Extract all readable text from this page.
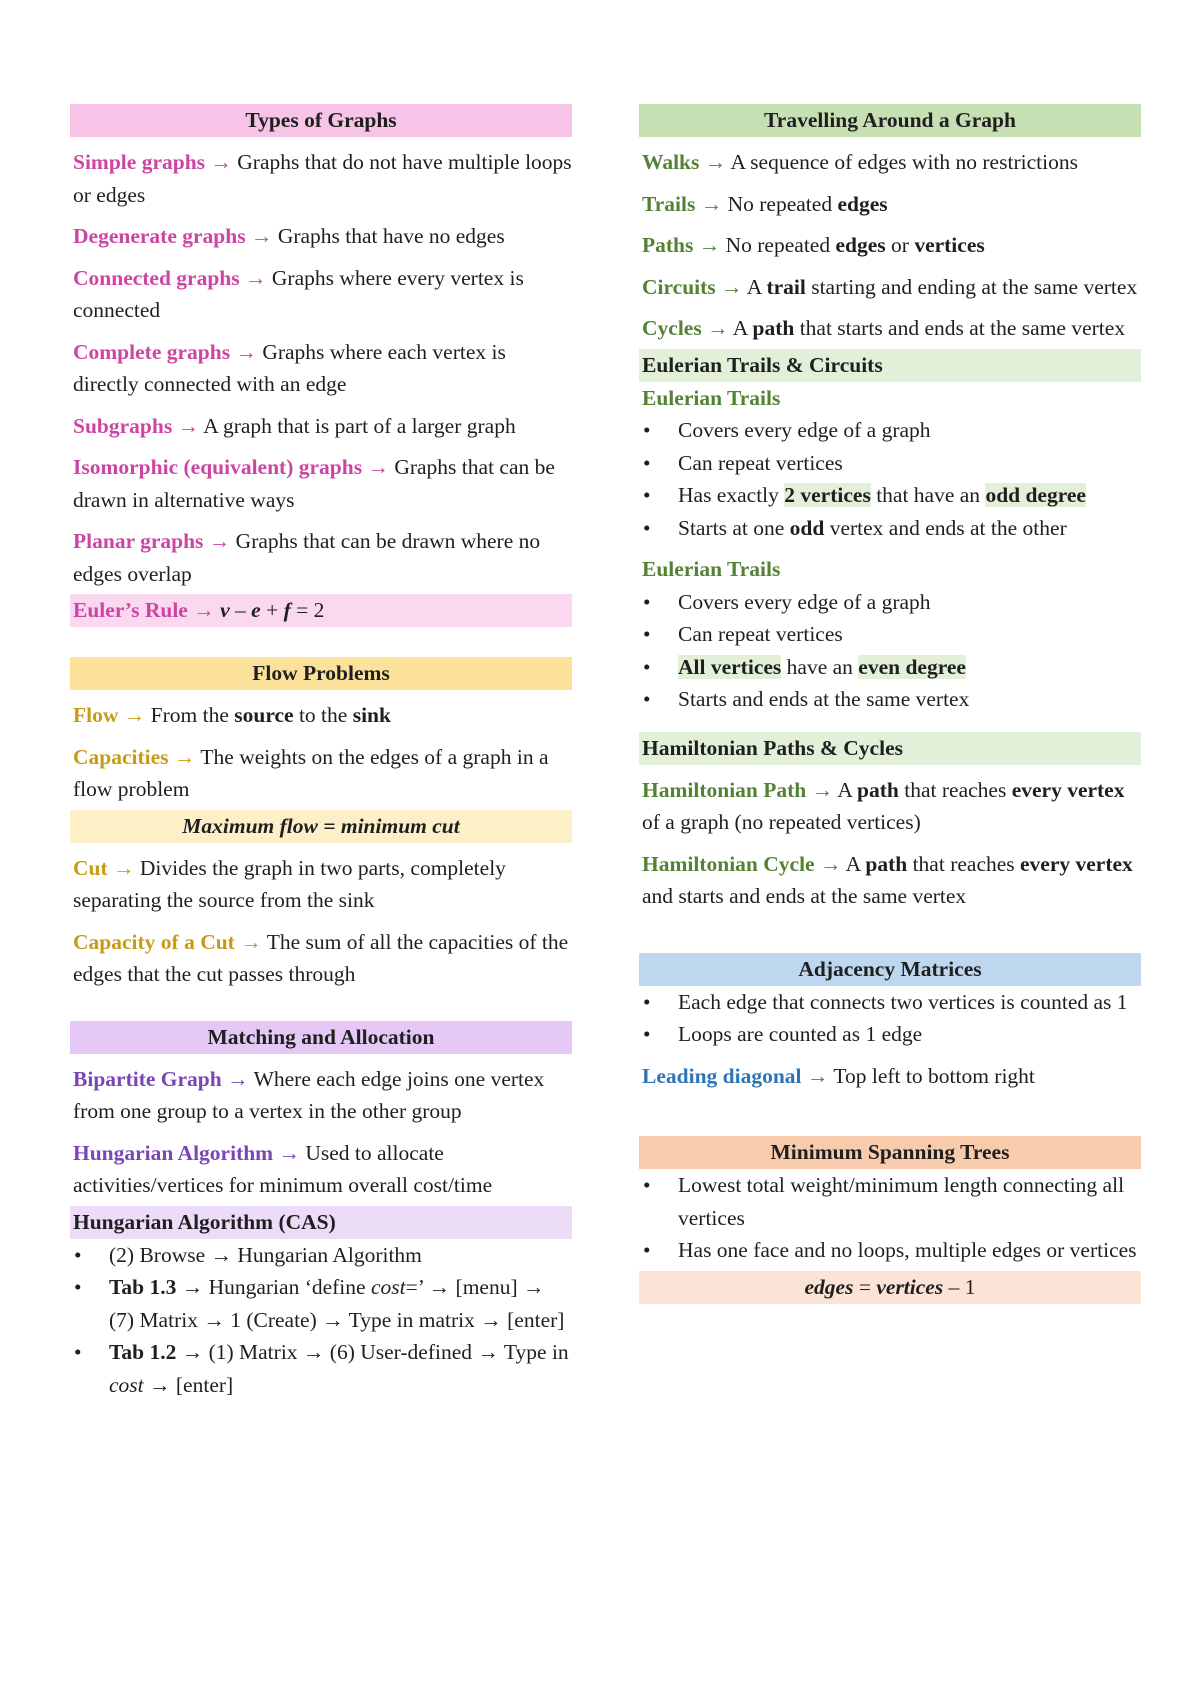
Types of Graphs
Simple graphs → Graphs that do not have multiple loops or edges
Degenerate graphs → Graphs that have no edges
Connected graphs → Graphs where every vertex is connected
Complete graphs → Graphs where each vertex is directly connected with an edge
Subgraphs → A graph that is part of a larger graph
Isomorphic (equivalent) graphs → Graphs that can be drawn in alternative ways
Planar graphs → Graphs that can be drawn where no edges overlap
Euler’s Rule → v – e + f = 2
Flow Problems
Flow → From the source to the sink
Capacities → The weights on the edges of a graph in a flow problem
Maximum flow = minimum cut
Cut → Divides the graph in two parts, completely separating the source from the sink
Capacity of a Cut → The sum of all the capacities of the edges that the cut passes through
Matching and Allocation
Bipartite Graph → Where each edge joins one vertex from one group to a vertex in the other group
Hungarian Algorithm → Used to allocate activities/vertices for minimum overall cost/time
Hungarian Algorithm (CAS)
• (2) Browse → Hungarian Algorithm
• Tab 1.3 → Hungarian ‘define cost=’ → [menu] → (7) Matrix → 1 (Create) → Type in matrix → [enter]
• Tab 1.2 → (1) Matrix → (6) User-defined → Type in cost → [enter]
Travelling Around a Graph
Walks → A sequence of edges with no restrictions
Trails → No repeated edges
Paths → No repeated edges or vertices
Circuits → A trail starting and ending at the same vertex
Cycles → A path that starts and ends at the same vertex
Eulerian Trails & Circuits
Eulerian Trails
• Covers every edge of a graph
• Can repeat vertices
• Has exactly 2 vertices that have an odd degree
• Starts at one odd vertex and ends at the other
Eulerian Trails
• Covers every edge of a graph
• Can repeat vertices
• All vertices have an even degree
• Starts and ends at the same vertex
Hamiltonian Paths & Cycles
Hamiltonian Path → A path that reaches every vertex of a graph (no repeated vertices)
Hamiltonian Cycle → A path that reaches every vertex and starts and ends at the same vertex
Adjacency Matrices
• Each edge that connects two vertices is counted as 1
• Loops are counted as 1 edge
Leading diagonal → Top left to bottom right
Minimum Spanning Trees
• Lowest total weight/minimum length connecting all vertices
• Has one face and no loops, multiple edges or vertices
edges = vertices – 1
